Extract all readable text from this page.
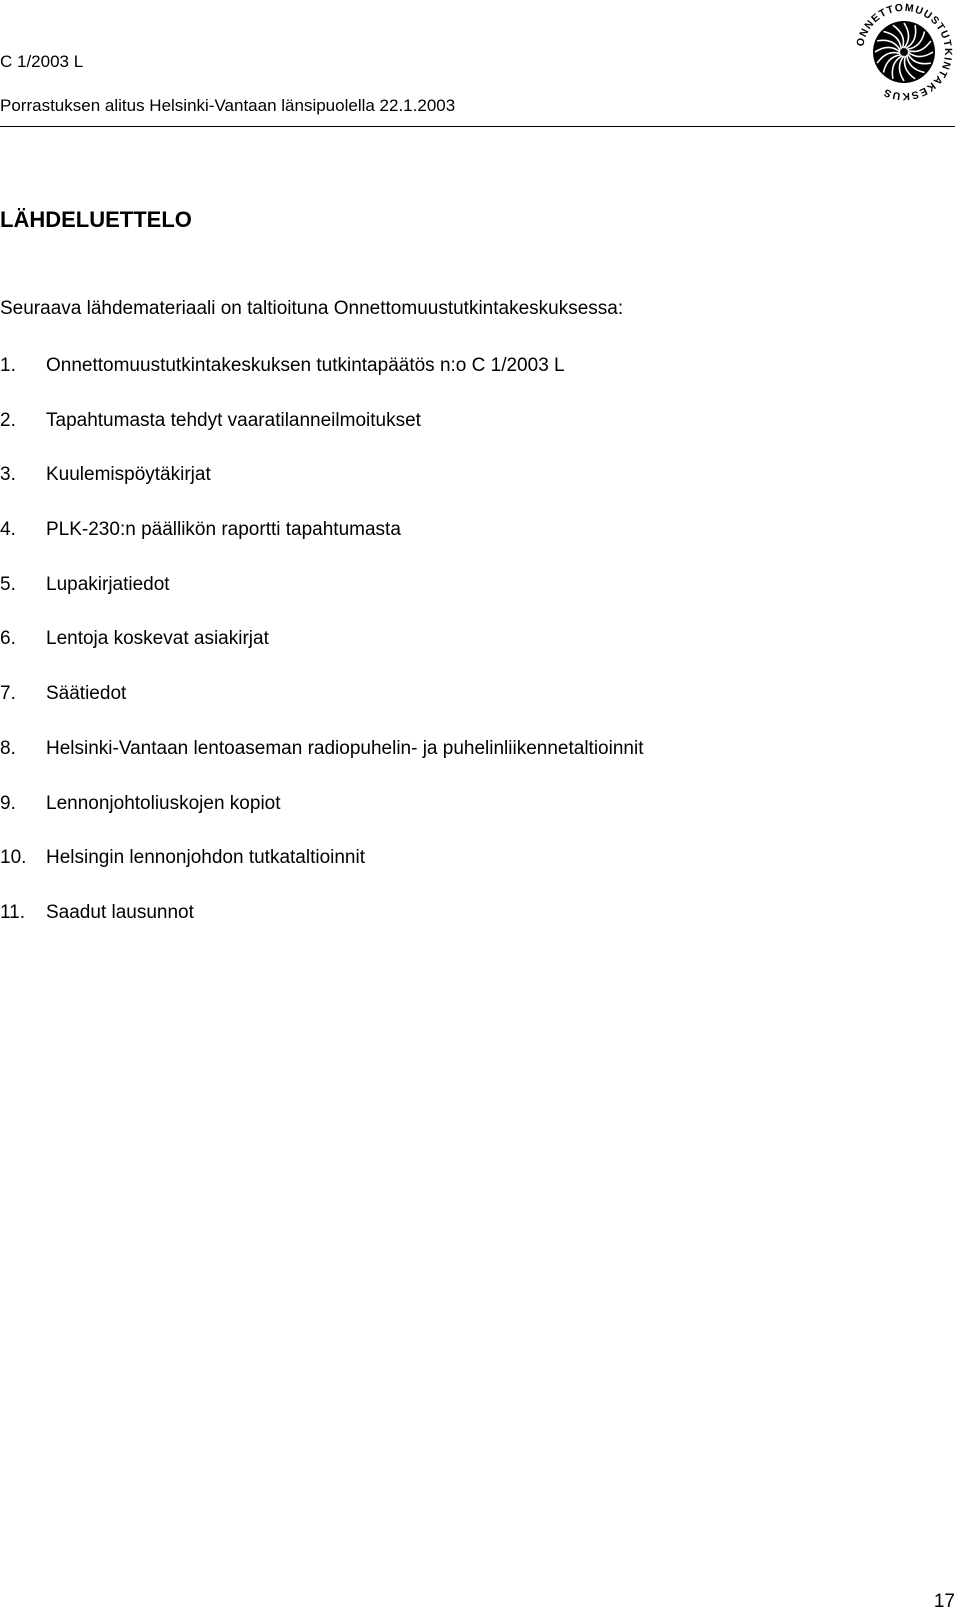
C 1/2003 L
Porrastuksen alitus Helsinki-Vantaan länsipuolella 22.1.2003
ONNETTOMUUSTUTKINTAKESKUS
LÄHDELUETTELO
Seuraava lähdemateriaali on taltioituna Onnettomuustutkintakeskuksessa:
1. Onnettomuustutkintakeskuksen tutkintapäätös n:o C 1/2003 L
2. Tapahtumasta tehdyt vaaratilanneilmoitukset
3. Kuulemispöytäkirjat
4. PLK-230:n päällikön raportti tapahtumasta
5. Lupakirjatiedot
6. Lentoja koskevat asiakirjat
7. Säätiedot
8. Helsinki-Vantaan lentoaseman radiopuhelin- ja puhelinliikennetaltioinnit
9. Lennonjohtoliuskojen kopiot
10. Helsingin lennonjohdon tutkataltioinnit
11. Saadut lausunnot
17
